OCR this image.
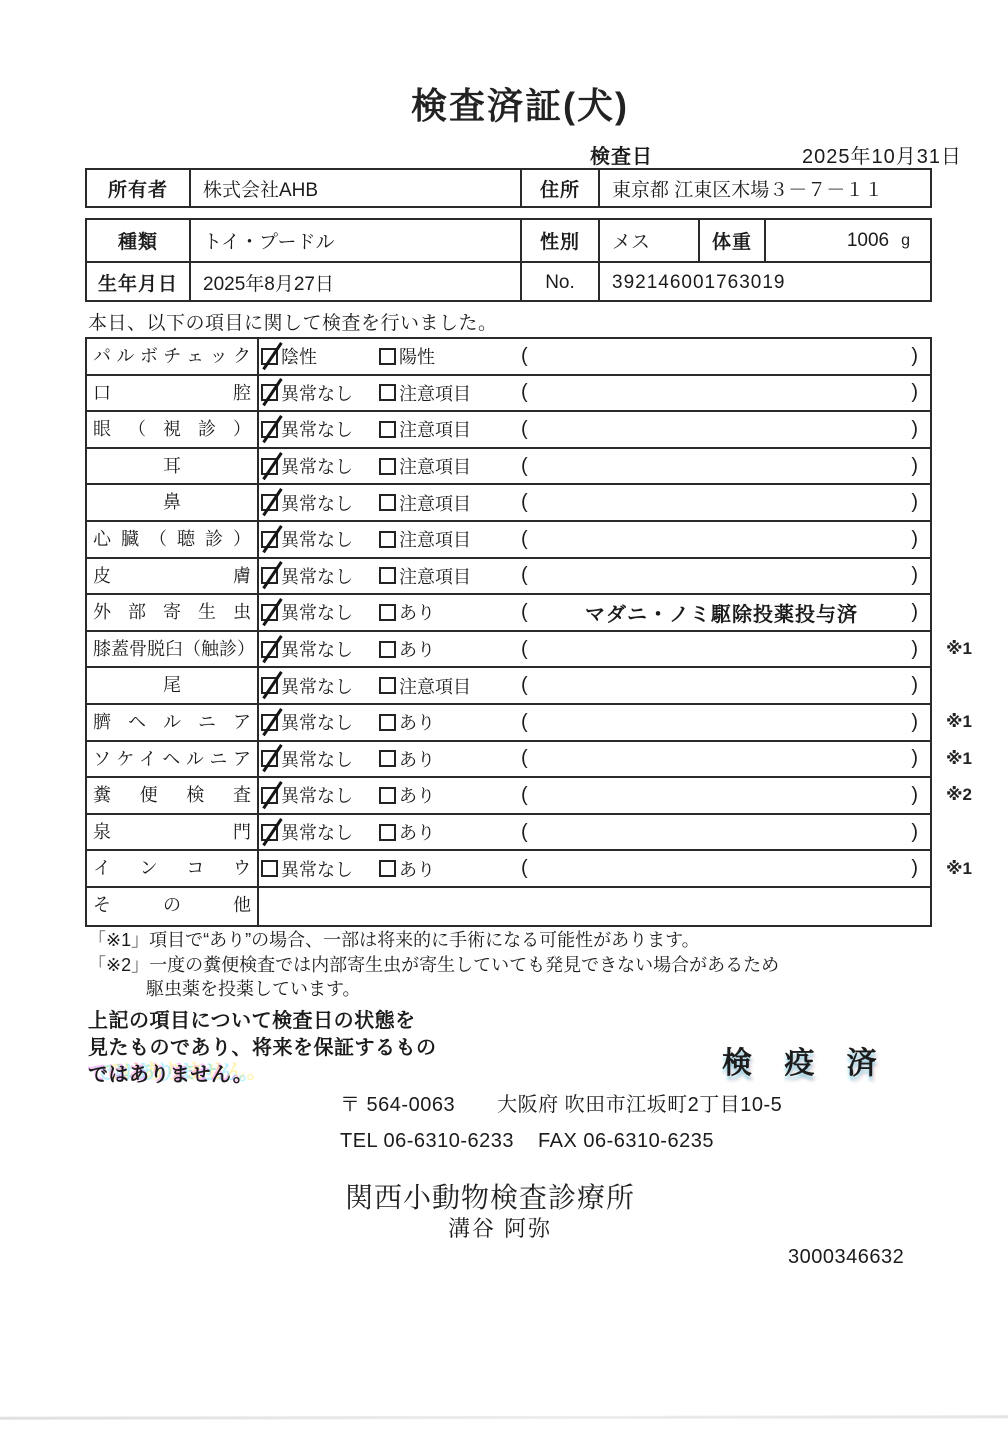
検査済証(犬)
検査日	2025年10月31日
所有者	株式会社AHB	住所	東京都 江東区木場３－７－１１
種類	トイ・プードル	性別	メス	体重	1006 g
生年月日	2025年8月27日	No.	392146001763019
本日、以下の項目に関して検査を行いました。
パルボチェック	陰性	陽性	(	)
口腔	異常なし	注意項目	(	)
眼（視診）	異常なし	注意項目	(	)
耳	異常なし	注意項目	(	)
鼻	異常なし	注意項目	(	)
心臓（聴診）	異常なし	注意項目	(	)
皮膚	異常なし	注意項目	(	)
外部寄生虫	異常なし	あり	(	マダニ・ノミ駆除投薬投与済	)
膝蓋骨脱臼（触診） 異常なし	あり	(	) ※1
尾	異常なし	注意項目	(	)
臍ヘルニア	異常なし	あり	(	) ※1
ソケイヘルニア	異常なし	あり	(	) ※1
糞便検査	異常なし	あり	(	) ※2
泉門	異常なし	あり	(	)
インコウ	異常なし	あり	(	) ※1
その他
「※1」項目で“あり”の場合、一部は将来的に手術になる可能性があります。
「※2」一度の糞便検査では内部寄生虫が寄生していても発見できない場合があるため
駆虫薬を投薬しています。
上記の項目について検査日の状態を
見たものであり、将来を保証するもの
ではありません。	検 疫 済
〒 564-0063 大阪府 吹田市江坂町2丁目10-5
TEL 06-6310-6233 FAX 06-6310-6235
関西小動物検査診療所
溝谷 阿弥
3000346632
